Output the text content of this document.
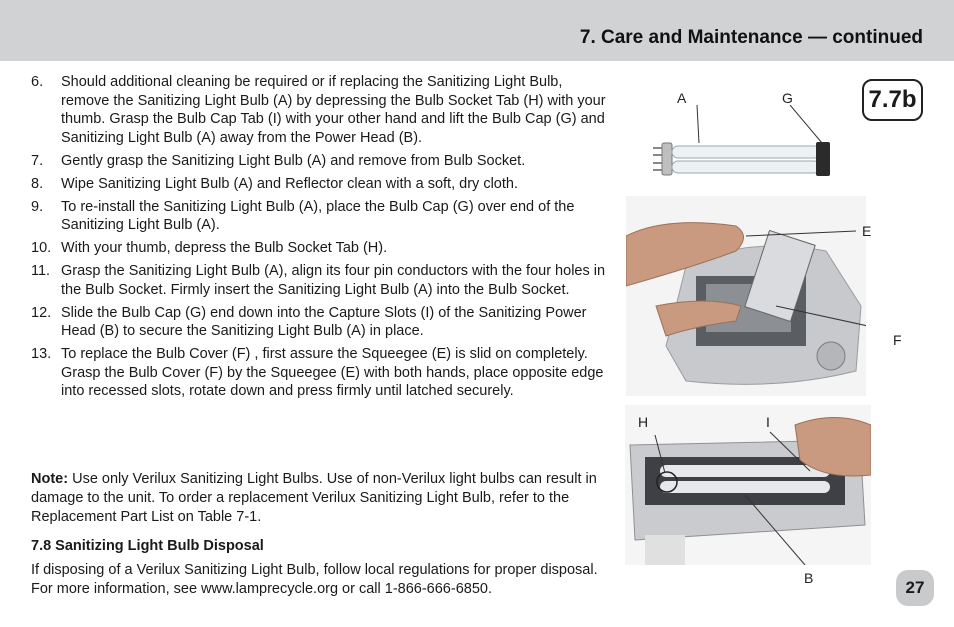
7. Care and Maintenance — continued
6. Should additional cleaning be required or if replacing the Sanitizing Light Bulb, remove the Sanitizing Light Bulb (A) by depressing the Bulb Socket Tab (H) with your thumb. Grasp the Bulb Cap Tab (I) with your other hand and lift the Bulb Cap (G) and Sanitizing Light Bulb (A) away from the Power Head (B).
7. Gently grasp the Sanitizing Light Bulb (A) and remove from Bulb Socket.
8. Wipe Sanitizing Light Bulb (A) and Reflector clean with a soft, dry cloth.
9. To re-install the Sanitizing Light Bulb (A), place the Bulb Cap (G) over end of the Sanitizing Light Bulb (A).
10. With your thumb, depress the Bulb Socket Tab (H).
11. Grasp the Sanitizing Light Bulb (A), align its four pin conductors with the four holes in the Bulb Socket. Firmly insert the Sanitizing Light Bulb (A) into the Bulb Socket.
12. Slide the Bulb Cap (G) end down into the Capture Slots (I) of the Sanitizing Power Head (B) to secure the Sanitizing Light Bulb (A) in place.
13. To replace the Bulb Cover (F) , first assure the Squeegee (E) is slid on completely. Grasp the Bulb Cover (F) by the Squeegee (E) with both hands, place opposite edge into recessed slots, rotate down and press firmly until latched securely.
Note: Use only Verilux Sanitizing Light Bulbs. Use of non-Verilux light bulbs can result in damage to the unit. To order a replacement Verilux Sanitizing Light Bulb, refer to the Replacement Part List on Table 7-1.
7.8 Sanitizing Light Bulb Disposal
If disposing of a Verilux Sanitizing Light Bulb, follow local regulations for proper disposal. For more information, see www.lamprecycle.org or call 1-866-666-6850.
7.7b
A	G
E
F
H	I
B	27
